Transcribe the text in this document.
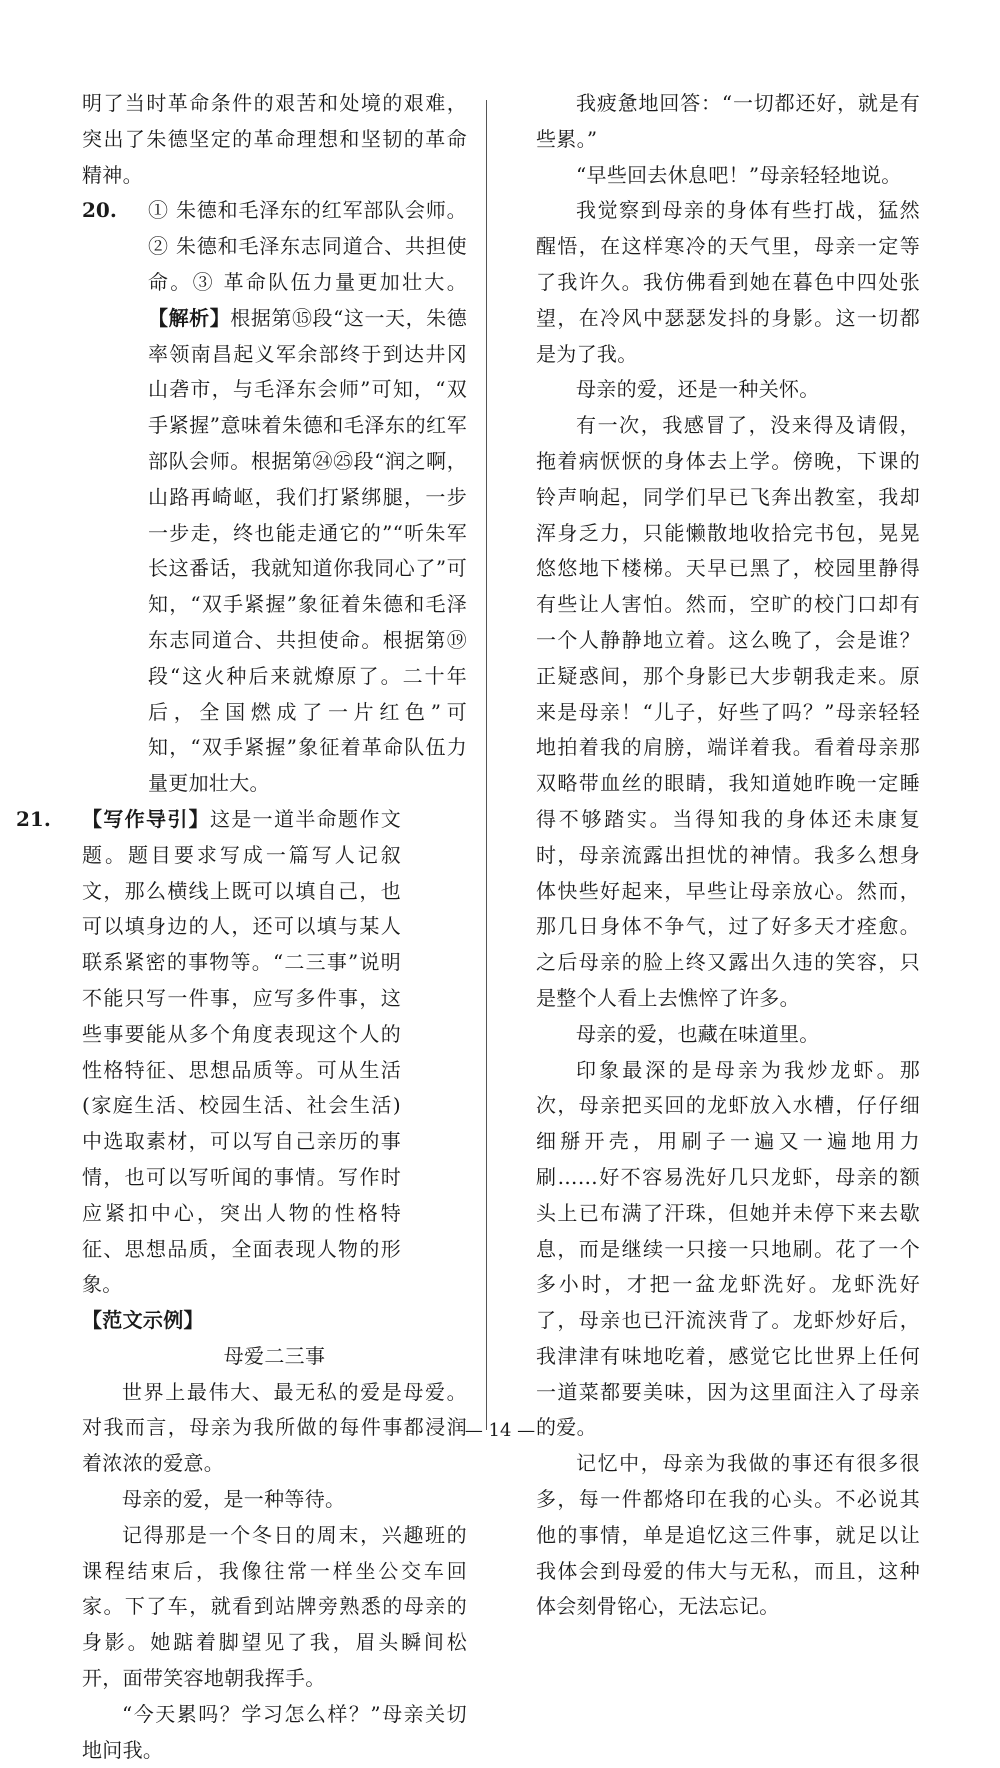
明了当时革命条件的艰苦和处境的艰难，突出了朱德坚定的革命理想和坚韧的革命精神。

20.	① 朱德和毛泽东的红军部队会师。② 朱德和毛泽东志同道合、共担使命。③ 革命队伍力量更加壮大。【解析】根据第⑮段“这一天，朱德率领南昌起义军余部终于到达井冈山砻市，与毛泽东会师”可知，“双手紧握”意味着朱德和毛泽东的红军部队会师。根据第㉔㉕段“润之啊，山路再崎岖，我们打紧绑腿，一步一步走，终也能走通它的”“听朱军长这番话，我就知道你我同心了”可知，“双手紧握”象征着朱德和毛泽东志同道合、共担使命。根据第⑲段“这火种后来就燎原了。二十年后，全国燃成了一片红色”可知，“双手紧握”象征着革命队伍力量更加壮大。

21.	【写作导引】这是一道半命题作文题。题目要求写成一篇写人记叙文，那么横线上既可以填自己，也可以填身边的人，还可以填与某人联系紧密的事物等。“二三事”说明不能只写一件事，应写多件事，这些事要能从多个角度表现这个人的性格特征、思想品质等。可从生活(家庭生活、校园生活、社会生活)中选取素材，可以写自己亲历的事情，也可以写听闻的事情。写作时应紧扣中心，突出人物的性格特征、思想品质，全面表现人物的形象。

【范文示例】

母爱二三事

世界上最伟大、最无私的爱是母爱。对我而言，母亲为我所做的每件事都浸润着浓浓的爱意。

母亲的爱，是一种等待。

记得那是一个冬日的周末，兴趣班的课程结束后，我像往常一样坐公交车回家。下了车，就看到站牌旁熟悉的母亲的身影。她踮着脚望见了我，眉头瞬间松开，面带笑容地朝我挥手。

“今天累吗？学习怎么样？”母亲关切地问我。

我疲惫地回答：“一切都还好，就是有些累。”

“早些回去休息吧！”母亲轻轻地说。

我觉察到母亲的身体有些打战，猛然醒悟，在这样寒冷的天气里，母亲一定等了我许久。我仿佛看到她在暮色中四处张望，在冷风中瑟瑟发抖的身影。这一切都是为了我。

母亲的爱，还是一种关怀。

有一次，我感冒了，没来得及请假，拖着病恹恹的身体去上学。傍晚，下课的铃声响起，同学们早已飞奔出教室，我却浑身乏力，只能懒散地收拾完书包，晃晃悠悠地下楼梯。天早已黑了，校园里静得有些让人害怕。然而，空旷的校门口却有一个人静静地立着。这么晚了，会是谁？正疑惑间，那个身影已大步朝我走来。原来是母亲！“儿子，好些了吗？”母亲轻轻地拍着我的肩膀，端详着我。看着母亲那双略带血丝的眼睛，我知道她昨晚一定睡得不够踏实。当得知我的身体还未康复时，母亲流露出担忧的神情。我多么想身体快些好起来，早些让母亲放心。然而，那几日身体不争气，过了好多天才痊愈。之后母亲的脸上终又露出久违的笑容，只是整个人看上去憔悴了许多。

母亲的爱，也藏在味道里。

印象最深的是母亲为我炒龙虾。那次，母亲把买回的龙虾放入水槽，仔仔细细掰开壳，用刷子一遍又一遍地用力刷……好不容易洗好几只龙虾，母亲的额头上已布满了汗珠，但她并未停下来去歇息，而是继续一只接一只地刷。花了一个多小时，才把一盆龙虾洗好。龙虾洗好了，母亲也已汗流浃背了。龙虾炒好后，我津津有味地吃着，感觉它比世界上任何一道菜都要美味，因为这里面注入了母亲的爱。

记忆中，母亲为我做的事还有很多很多，每一件都烙印在我的心头。不必说其他的事情，单是追忆这三件事，就足以让我体会到母爱的伟大与无私，而且，这种体会刻骨铭心，无法忘记。

— 14 —
